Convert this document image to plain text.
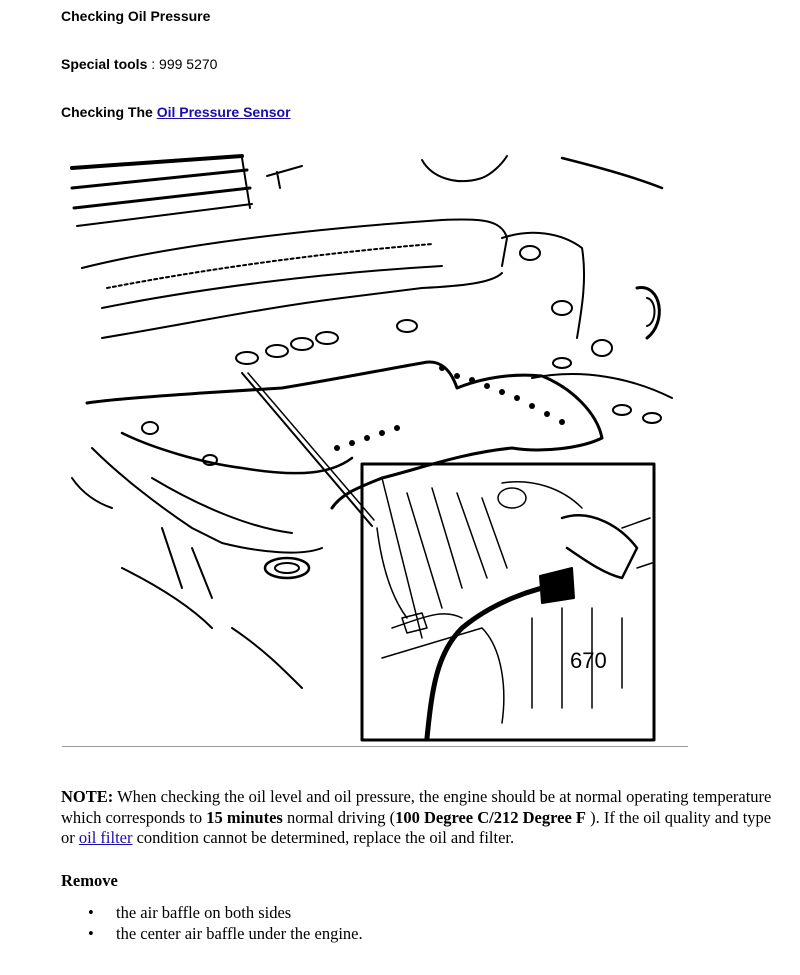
Checking Oil Pressure
Special tools : 999 5270
Checking The Oil Pressure Sensor
670
NOTE: When checking the oil level and oil pressure, the engine should be at normal operating temperature which corresponds to 15 minutes normal driving (100 Degree C/212 Degree F ). If the oil quality and type or oil filter condition cannot be determined, replace the oil and filter.
Remove
• the air baffle on both sides
• the center air baffle under the engine.
